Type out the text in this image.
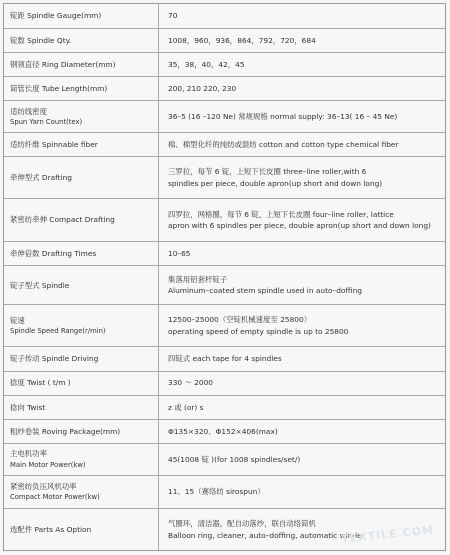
锭距 Spindle Gauge(mm)	70

锭数 Spindle Qty.	1008，960，936，864，792，720，684

钢领直径 Ring Diameter(mm)	35，38，40，42，45

筒管长度 Tube Length(mm)	200, 210 220, 230

适纺线密度
Spun Yarn Count(tex)	36–5 (16 –120 Ne) 常规规格 normal supply: 36–13( 16 – 45 Ne)

适纺纤维 Spinnable fiber	棉、棉型化纤的纯纺或混纺 cotton and cotton type chemical fiber

牵伸型式 Drafting	三罗拉，每节 6 锭，上短下长皮圈 three–line roller,with 6
spindles per piece, double apron(up short and down long)

紧密纺牵伸 Compact Drafting	四罗拉，网格圈，每节 6 锭，上短下长皮圈 four–line roller, lattice
apron with 6 spindles per piece, double apron(up short and down long)

牵伸倍数 Drafting Times	10–65

锭子型式 Spindle	集落用铝套杆锭子
Aluminum–coated stem spindle used in auto–doffing

锭速
Spindle Speed Range(r/min)	12500–25000（空锭机械速度至 25800）
operating speed of empty spindle is up to 25800

锭子传动 Spindle Driving	四锭式 each tape for 4 spindles

捻度 Twist ( t/m )	330 ～ 2000

捻向 Twist	z 或 (or) s

粗纱卷装 Roving Package(mm)	Φ135×320、Φ152×406(max)

主电机功率
Main Motor Power(kw)	45(1008 锭 )(for 1008 spindles/set/)

紧密纺负压风机功率
Compact Motor Power(kw)	11、15（赛络纺 sirospun）

选配件 Parts As Option	气圈环，清洁器，配自动落纱，联自动络筒机
Balloon ring, cleaner, auto–doffing, automatic winder
TEXTILE.COM
